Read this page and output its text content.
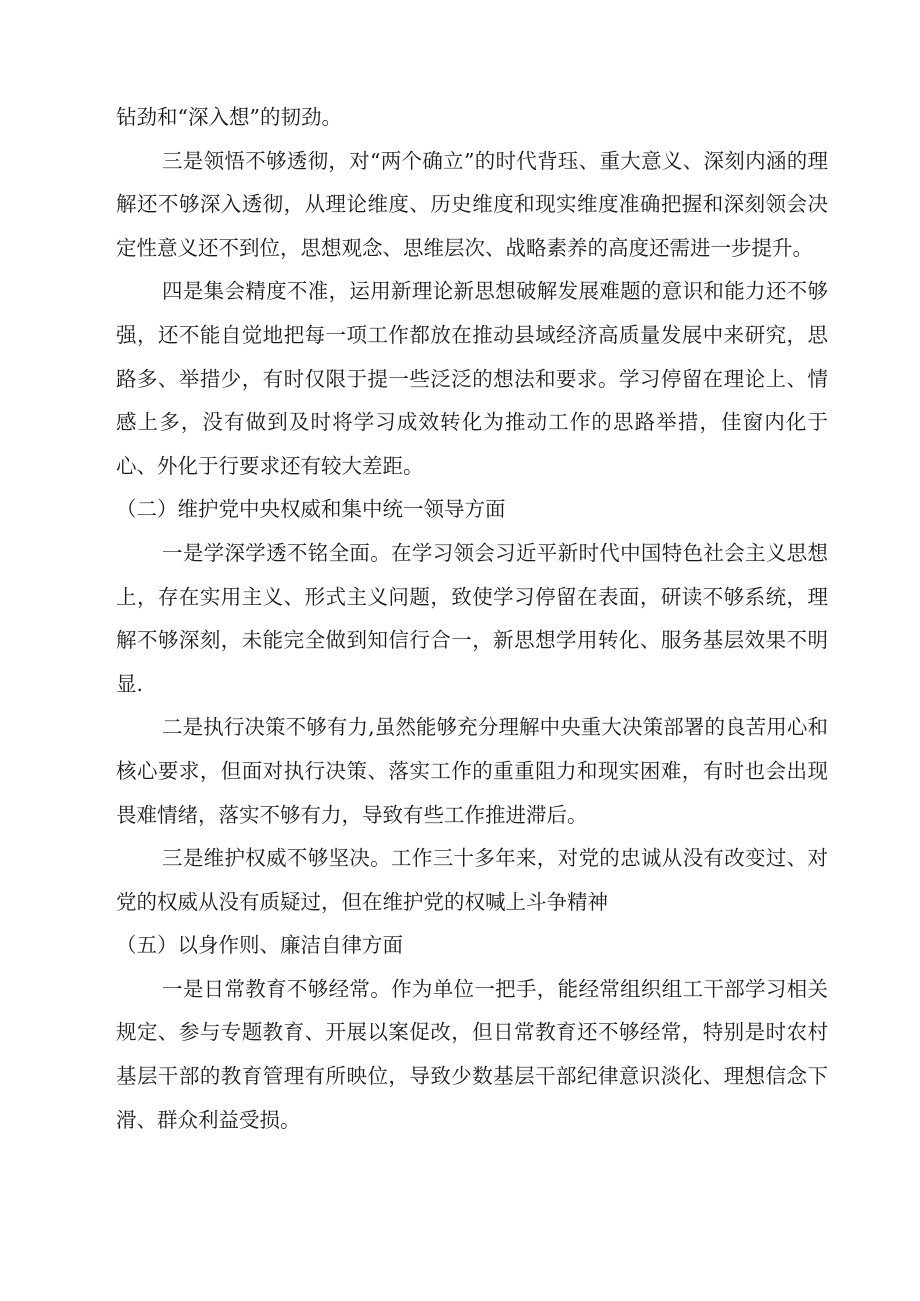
钻劲和“深入想”的韧劲。

三是领悟不够透彻，对“两个确立”的时代背珏、重大意义、深刻内涵的理解还不够深入透彻，从理论维度、历史维度和现实维度准确把握和深刻领会决定性意义还不到位，思想观念、思维层次、战略素养的高度还需进一步提升。

四是集会精度不准，运用新理论新思想破解发展难题的意识和能力还不够强，还不能自觉地把每一项工作都放在推动县域经济高质量发展中来研究，思路多、举措少，有时仅限于提一些泛泛的想法和要求。学习停留在理论上、情感上多，没有做到及时将学习成效转化为推动工作的思路举措，佳窗内化于心、外化于行要求还有较大差距。

（二）维护党中央权威和集中统一领导方面

一是学深学透不铭全面。在学习领会习近平新时代中国特色社会主义思想上，存在实用主义、形式主义问题，致使学习停留在表面，研读不够系统，理解不够深刻，未能完全做到知信行合一，新思想学用转化、服务基层效果不明显.

二是执行决策不够有力,虽然能够充分理解中央重大决策部署的良苦用心和核心要求，但面对执行决策、落实工作的重重阻力和现实困难，有时也会出现畏难情绪，落实不够有力，导致有些工作推进滞后。

三是维护权威不够坚决。工作三十多年来，对党的忠诚从没有改变过、对党的权威从没有质疑过，但在维护党的权喊上斗争精神

（五）以身作则、廉洁自律方面

一是日常教育不够经常。作为单位一把手，能经常组织组工干部学习相关规定、参与专题教育、开展以案促改，但日常教育还不够经常，特别是时农村基层干部的教育管理有所映位，导致少数基层干部纪律意识淡化、理想信念下滑、群众利益受损。
